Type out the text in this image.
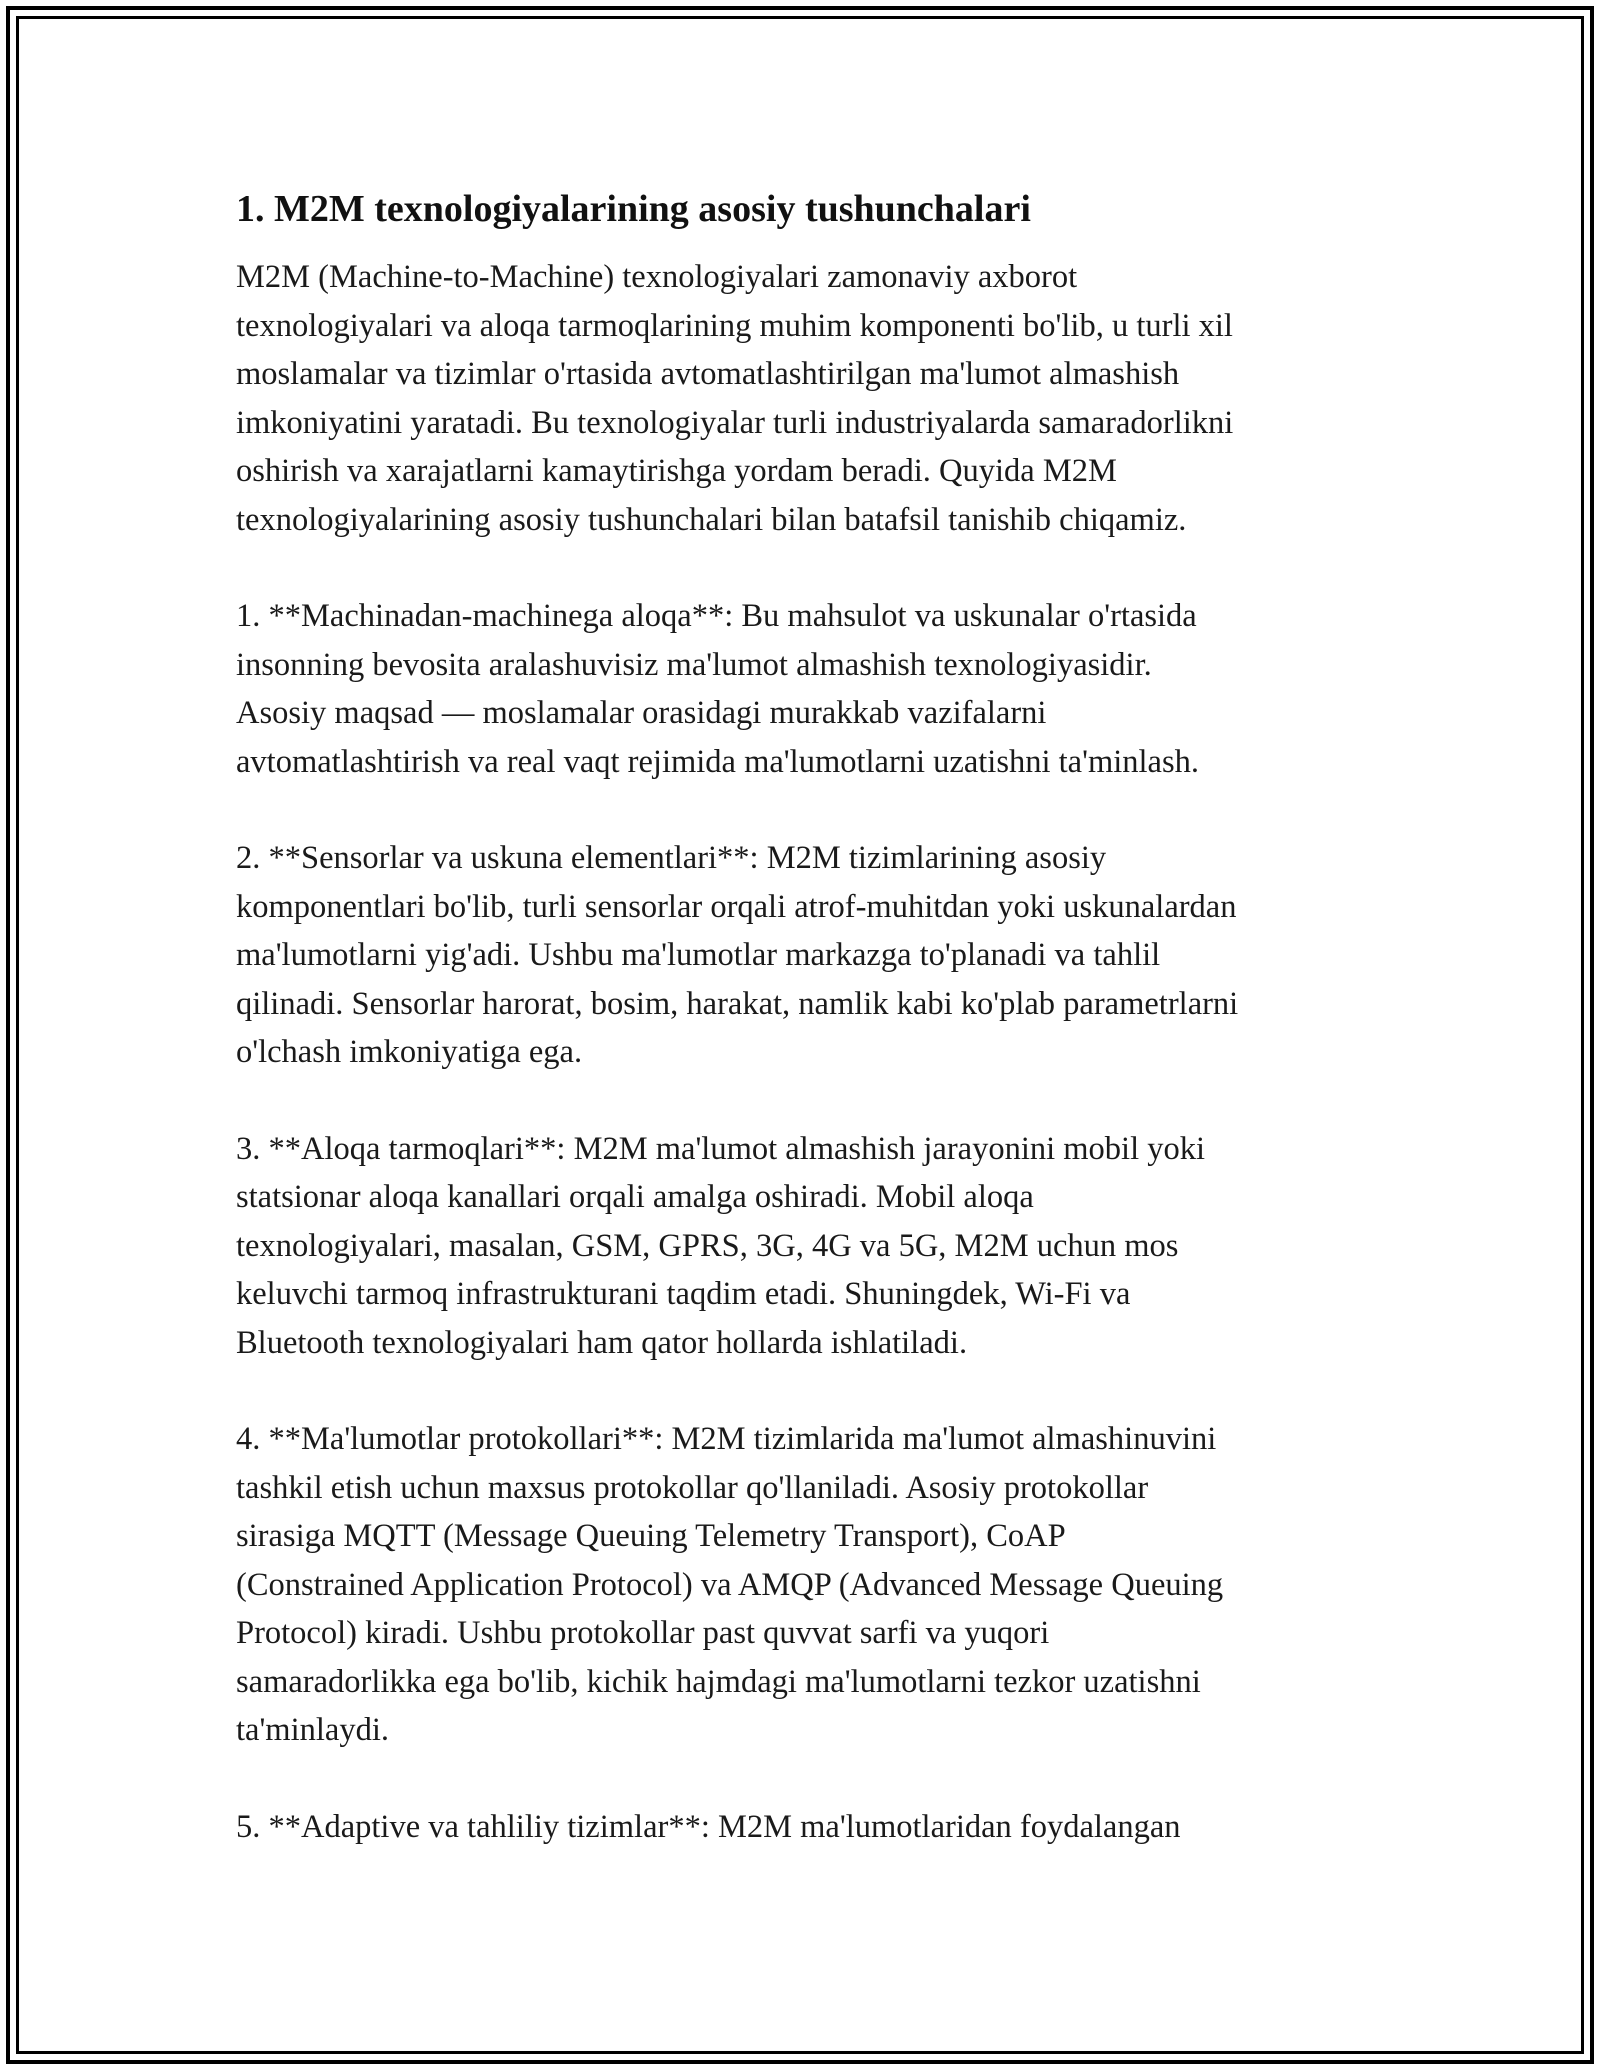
1. M2M texnologiyalarining asosiy tushunchalari

M2M (Machine-to-Machine) texnologiyalari zamonaviy axborot
texnologiyalari va aloqa tarmoqlarining muhim komponenti bo'lib, u turli xil
moslamalar va tizimlar o'rtasida avtomatlashtirilgan ma'lumot almashish
imkoniyatini yaratadi. Bu texnologiyalar turli industriyalarda samaradorlikni
oshirish va xarajatlarni kamaytirishga yordam beradi. Quyida M2M
texnologiyalarining asosiy tushunchalari bilan batafsil tanishib chiqamiz.

1. **Machinadan-machinega aloqa**: Bu mahsulot va uskunalar o'rtasida
insonning bevosita aralashuvisiz ma'lumot almashish texnologiyasidir.
Asosiy maqsad — moslamalar orasidagi murakkab vazifalarni
avtomatlashtirish va real vaqt rejimida ma'lumotlarni uzatishni ta'minlash.

2. **Sensorlar va uskuna elementlari**: M2M tizimlarining asosiy
komponentlari bo'lib, turli sensorlar orqali atrof-muhitdan yoki uskunalardan
ma'lumotlarni yig'adi. Ushbu ma'lumotlar markazga to'planadi va tahlil
qilinadi. Sensorlar harorat, bosim, harakat, namlik kabi ko'plab parametrlarni
o'lchash imkoniyatiga ega.

3. **Aloqa tarmoqlari**: M2M ma'lumot almashish jarayonini mobil yoki
statsionar aloqa kanallari orqali amalga oshiradi. Mobil aloqa
texnologiyalari, masalan, GSM, GPRS, 3G, 4G va 5G, M2M uchun mos
keluvchi tarmoq infrastrukturani taqdim etadi. Shuningdek, Wi-Fi va
Bluetooth texnologiyalari ham qator hollarda ishlatiladi.

4. **Ma'lumotlar protokollari**: M2M tizimlarida ma'lumot almashinuvini
tashkil etish uchun maxsus protokollar qo'llaniladi. Asosiy protokollar
sirasiga MQTT (Message Queuing Telemetry Transport), CoAP
(Constrained Application Protocol) va AMQP (Advanced Message Queuing
Protocol) kiradi. Ushbu protokollar past quvvat sarfi va yuqori
samaradorlikka ega bo'lib, kichik hajmdagi ma'lumotlarni tezkor uzatishni
ta'minlaydi.

5. **Adaptive va tahliliy tizimlar**: M2M ma'lumotlaridan foydalangan
